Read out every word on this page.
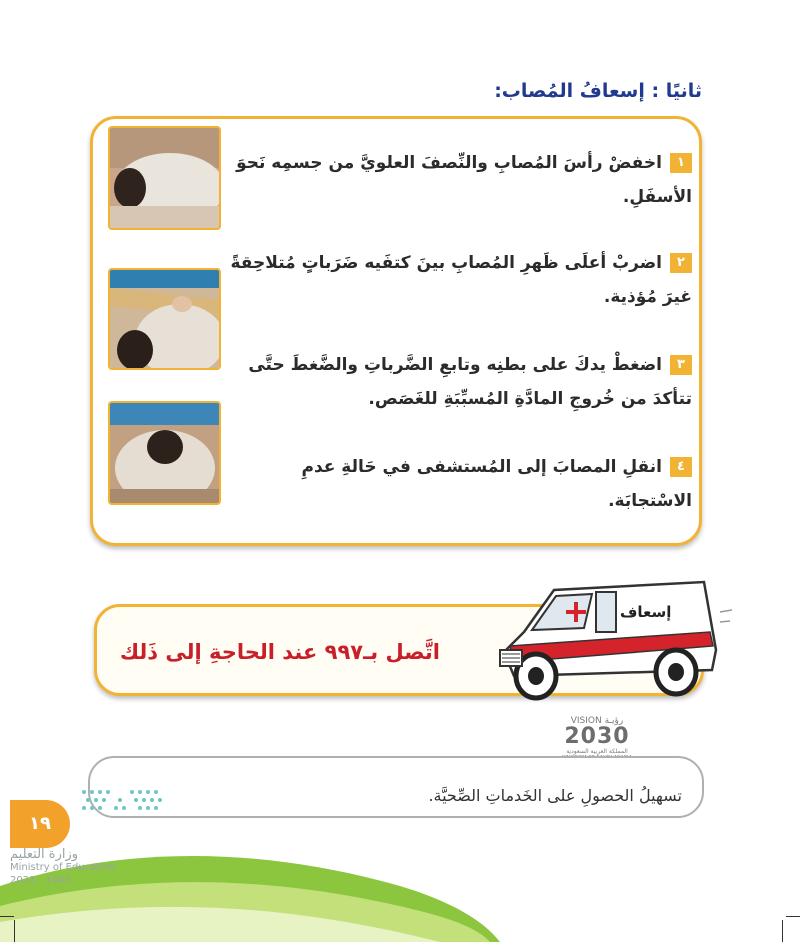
ثانيًا : إسعافُ المُصاب:
١اخفضْ رأسَ المُصابِ والنِّصفَ العلويَّ من جسمِه نَحوَ الأسفَلِ.
٢اضربْ أعلَى ظَهرِ المُصابِ بينَ كتفَيه ضَرَباتٍ مُتلاحِقةً غيرَ مُؤذية.
٣اضغطْ يدكَ على بطنِه وتابعِ الضَّرباتِ والضَّغطَ حتَّى تتأكدَ من خُروجِ المادَّةِ المُسبِّبَةِ للغَصَص.
٤انقلِ المصابَ إلى المُستشفى في حَالةِ عدمِ الاسْتجابَة.
اتَّصل بـ٩٩٧ عند الحاجةِ إلى ذَلك
إسعاف
VISION رؤيـة
2030
المملكة العربية السعودية
تسهيلُ الحصولِ على الخَدماتِ الصِّحيَّة.
١٩
وزارة التعليم
Ministry of Education
2021 - 1443
